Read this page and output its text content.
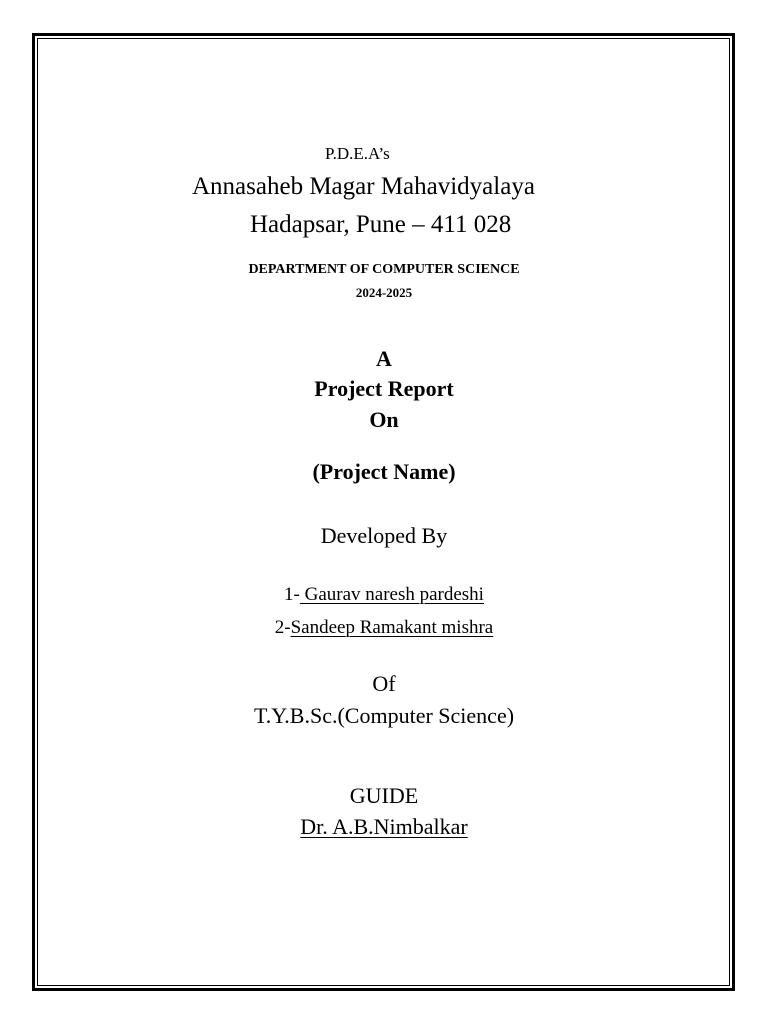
P.D.E.A’s
Annasaheb Magar Mahavidyalaya
Hadapsar, Pune – 411 028
DEPARTMENT OF COMPUTER SCIENCE
2024-2025
A
Project Report
On
(Project Name)
Developed By
1- Gaurav naresh pardeshi
2-Sandeep Ramakant mishra
Of
T.Y.B.Sc.(Computer Science)
GUIDE
Dr. A.B.Nimbalkar
